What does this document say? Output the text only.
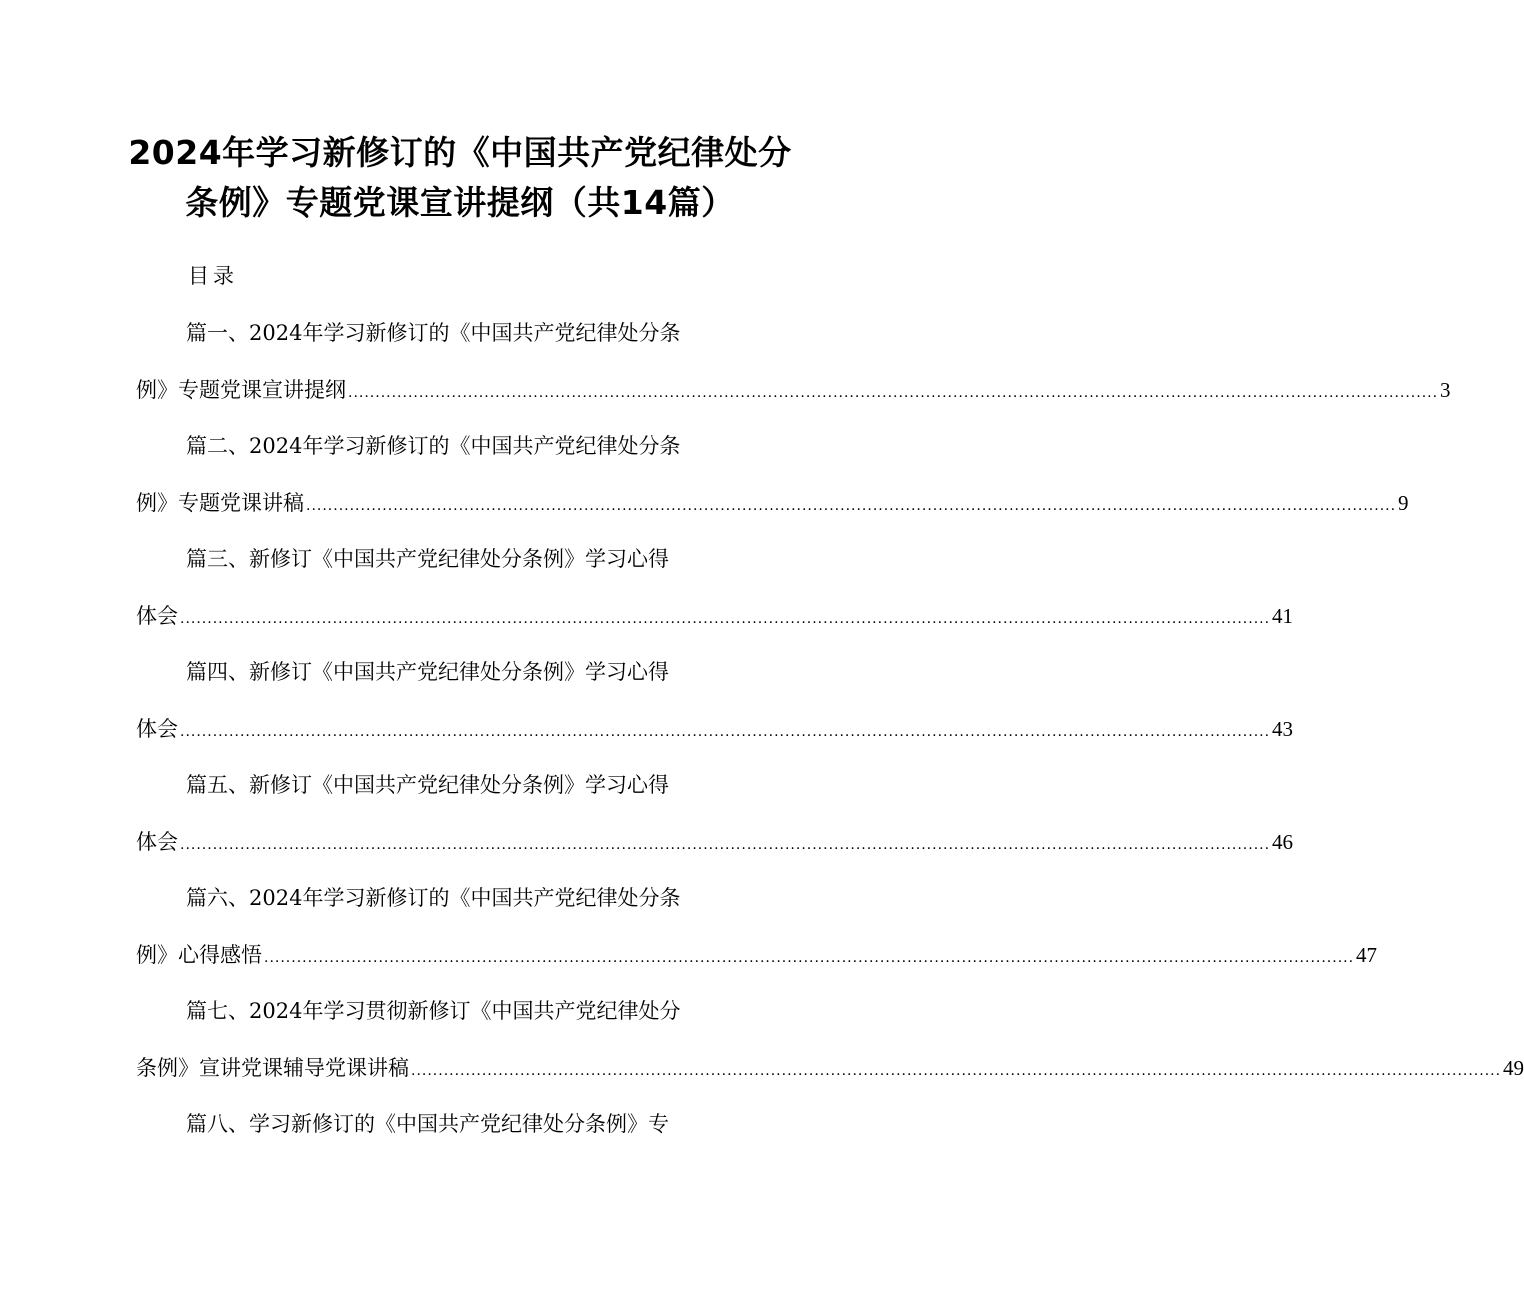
2024年学习新修订的《中国共产党纪律处分
条例》专题党课宣讲提纲（共14篇）
目录
篇一、2024年学习新修订的《中国共产党纪律处分条
例》专题党课宣讲提纲 ........................................................................................................................................................................................................ 3
篇二、2024年学习新修订的《中国共产党纪律处分条
例》专题党课讲稿 ........................................................................................................................................................................................................ 9
篇三、新修订《中国共产党纪律处分条例》学习心得
体会 ........................................................................................................................................................................................................ 41
篇四、新修订《中国共产党纪律处分条例》学习心得
体会 ........................................................................................................................................................................................................ 43
篇五、新修订《中国共产党纪律处分条例》学习心得
体会 ........................................................................................................................................................................................................ 46
篇六、2024年学习新修订的《中国共产党纪律处分条
例》心得感悟 ........................................................................................................................................................................................................ 47
篇七、2024年学习贯彻新修订《中国共产党纪律处分
条例》宣讲党课辅导党课讲稿 ........................................................................................................................................................................................................ 49
篇八、学习新修订的《中国共产党纪律处分条例》专
